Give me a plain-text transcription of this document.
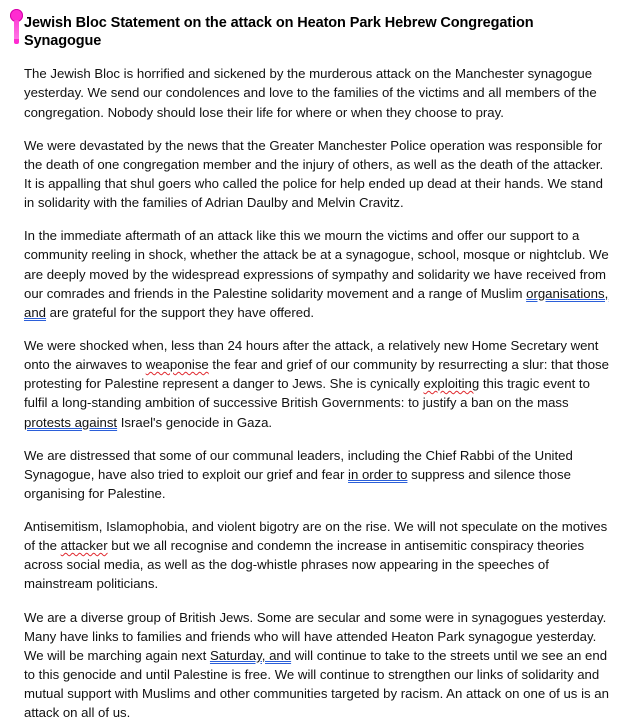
Jewish Bloc Statement on the attack on Heaton Park Hebrew Congregation Synagogue

The Jewish Bloc is horrified and sickened by the murderous attack on the Manchester synagogue yesterday. We send our condolences and love to the families of the victims and all members of the congregation. Nobody should lose their life for where or when they choose to pray.

We were devastated by the news that the Greater Manchester Police operation was responsible for the death of one congregation member and the injury of others, as well as the death of the attacker. It is appalling that shul goers who called the police for help ended up dead at their hands. We stand in solidarity with the families of Adrian Daulby and Melvin Cravitz.

In the immediate aftermath of an attack like this we mourn the victims and offer our support to a community reeling in shock, whether the attack be at a synagogue, school, mosque or nightclub. We are deeply moved by the widespread expressions of sympathy and solidarity we have received from our comrades and friends in the Palestine solidarity movement and a range of Muslim organisations, and are grateful for the support they have offered.

We were shocked when, less than 24 hours after the attack, a relatively new Home Secretary went onto the airwaves to weaponise the fear and grief of our community by resurrecting a slur: that those protesting for Palestine represent a danger to Jews. She is cynically exploiting this tragic event to fulfil a long-standing ambition of successive British Governments: to justify a ban on the mass protests against Israel's genocide in Gaza.

We are distressed that some of our communal leaders, including the Chief Rabbi of the United Synagogue, have also tried to exploit our grief and fear in order to suppress and silence those organising for Palestine.

Antisemitism, Islamophobia, and violent bigotry are on the rise. We will not speculate on the motives of the attacker but we all recognise and condemn the increase in antisemitic conspiracy theories across social media, as well as the dog-whistle phrases now appearing in the speeches of mainstream politicians.

We are a diverse group of British Jews. Some are secular and some were in synagogues yesterday. Many have links to families and friends who will have attended Heaton Park synagogue yesterday. We will be marching again next Saturday, and will continue to take to the streets until we see an end to this genocide and until Palestine is free. We will continue to strengthen our links of solidarity and mutual support with Muslims and other communities targeted by racism. An attack on one of us is an attack on all of us.
